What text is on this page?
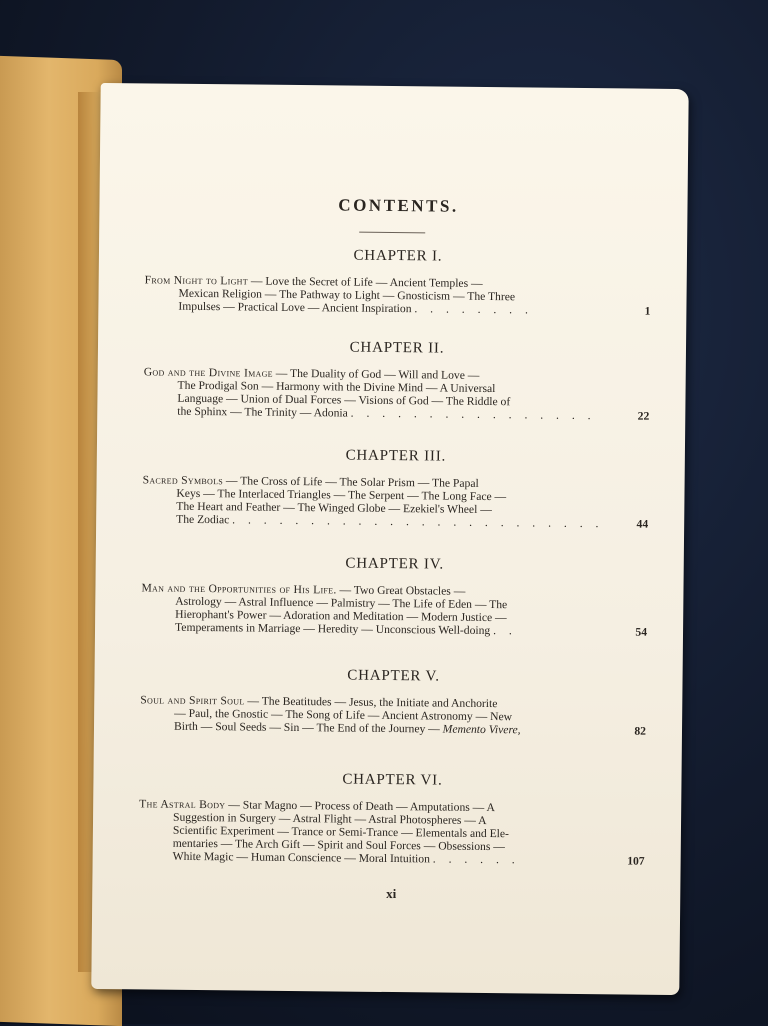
CONTENTS.
CHAPTER I.
From Night to Light — Love the Secret of Life — Ancient Temples —
Mexican Religion — The Pathway to Light — Gnosticism — The Three
Impulses — Practical Love — Ancient Inspiration . . . . . . . .	1
CHAPTER II.
God and the Divine Image — The Duality of God — Will and Love —
The Prodigal Son — Harmony with the Divine Mind — A Universal
Language — Union of Dual Forces — Visions of God — The Riddle of
the Sphinx — The Trinity — Adonia . . . . . . . . . . . . . . . .	22
CHAPTER III.
Sacred Symbols — The Cross of Life — The Solar Prism — The Papal
Keys — The Interlaced Triangles — The Serpent — The Long Face —
The Heart and Feather — The Winged Globe — Ezekiel's Wheel —
The Zodiac . . . . . . . . . . . . . . . . . . . . . . . .	44
CHAPTER IV.
Man and the Opportunities of His Life. — Two Great Obstacles —
Astrology — Astral Influence — Palmistry — The Life of Eden — The
Hierophant's Power — Adoration and Meditation — Modern Justice —
Temperaments in Marriage — Heredity — Unconscious Well-doing . .	54
CHAPTER V.
Soul and Spirit Soul — The Beatitudes — Jesus, the Initiate and Anchorite
— Paul, the Gnostic — The Song of Life — Ancient Astronomy — New
Birth — Soul Seeds — Sin — The End of the Journey — Memento Vivere,	82
CHAPTER VI.
The Astral Body — Star Magno — Process of Death — Amputations — A
Suggestion in Surgery — Astral Flight — Astral Photospheres — A
Scientific Experiment — Trance or Semi-Trance — Elementals and Ele-
mentaries — The Arch Gift — Spirit and Soul Forces — Obsessions —
White Magic — Human Conscience — Moral Intuition . . . . . .	107
xi
